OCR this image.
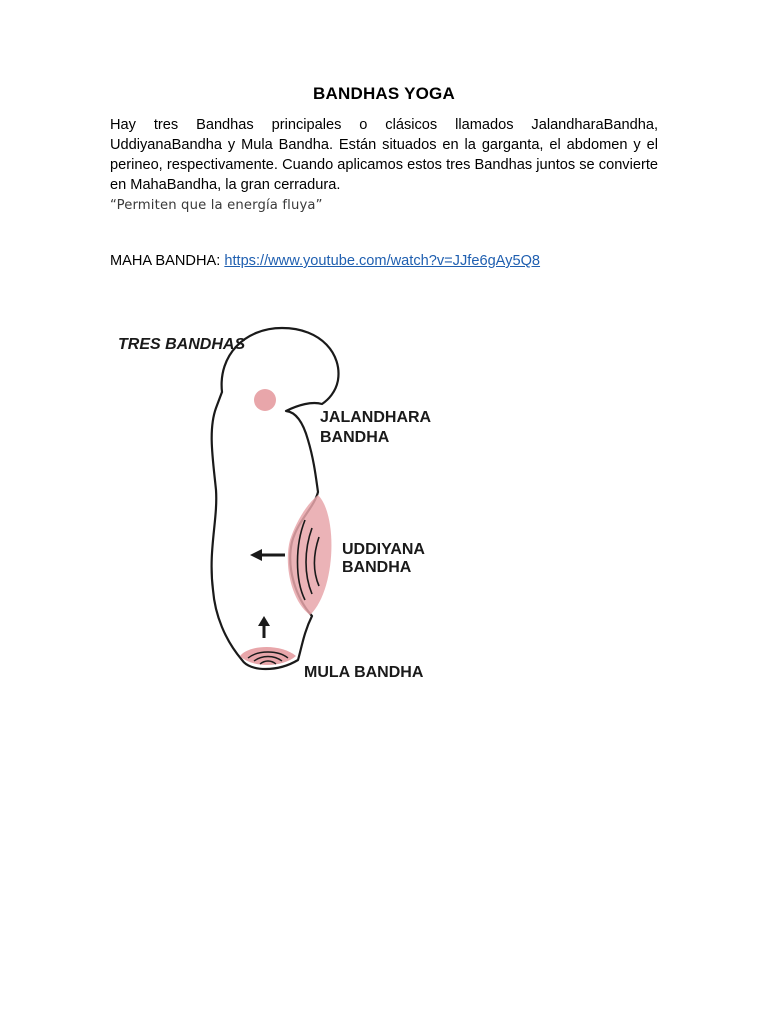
BANDHAS YOGA

Hay tres Bandhas principales o clásicos llamados JalandharaBandha, UddiyanaBandha y Mula Bandha. Están situados en la garganta, el abdomen y el perineo, respectivamente. Cuando aplicamos estos tres Bandhas juntos se convierte en MahaBandha, la gran cerradura.

“Permiten que la energía fluya”
MAHA BANDHA: https://www.youtube.com/watch?v=JJfe6gAy5Q8
TRES BANDHAS
JALANDHARA
BANDHA
UDDIYANA
BANDHA
MULA BANDHA
